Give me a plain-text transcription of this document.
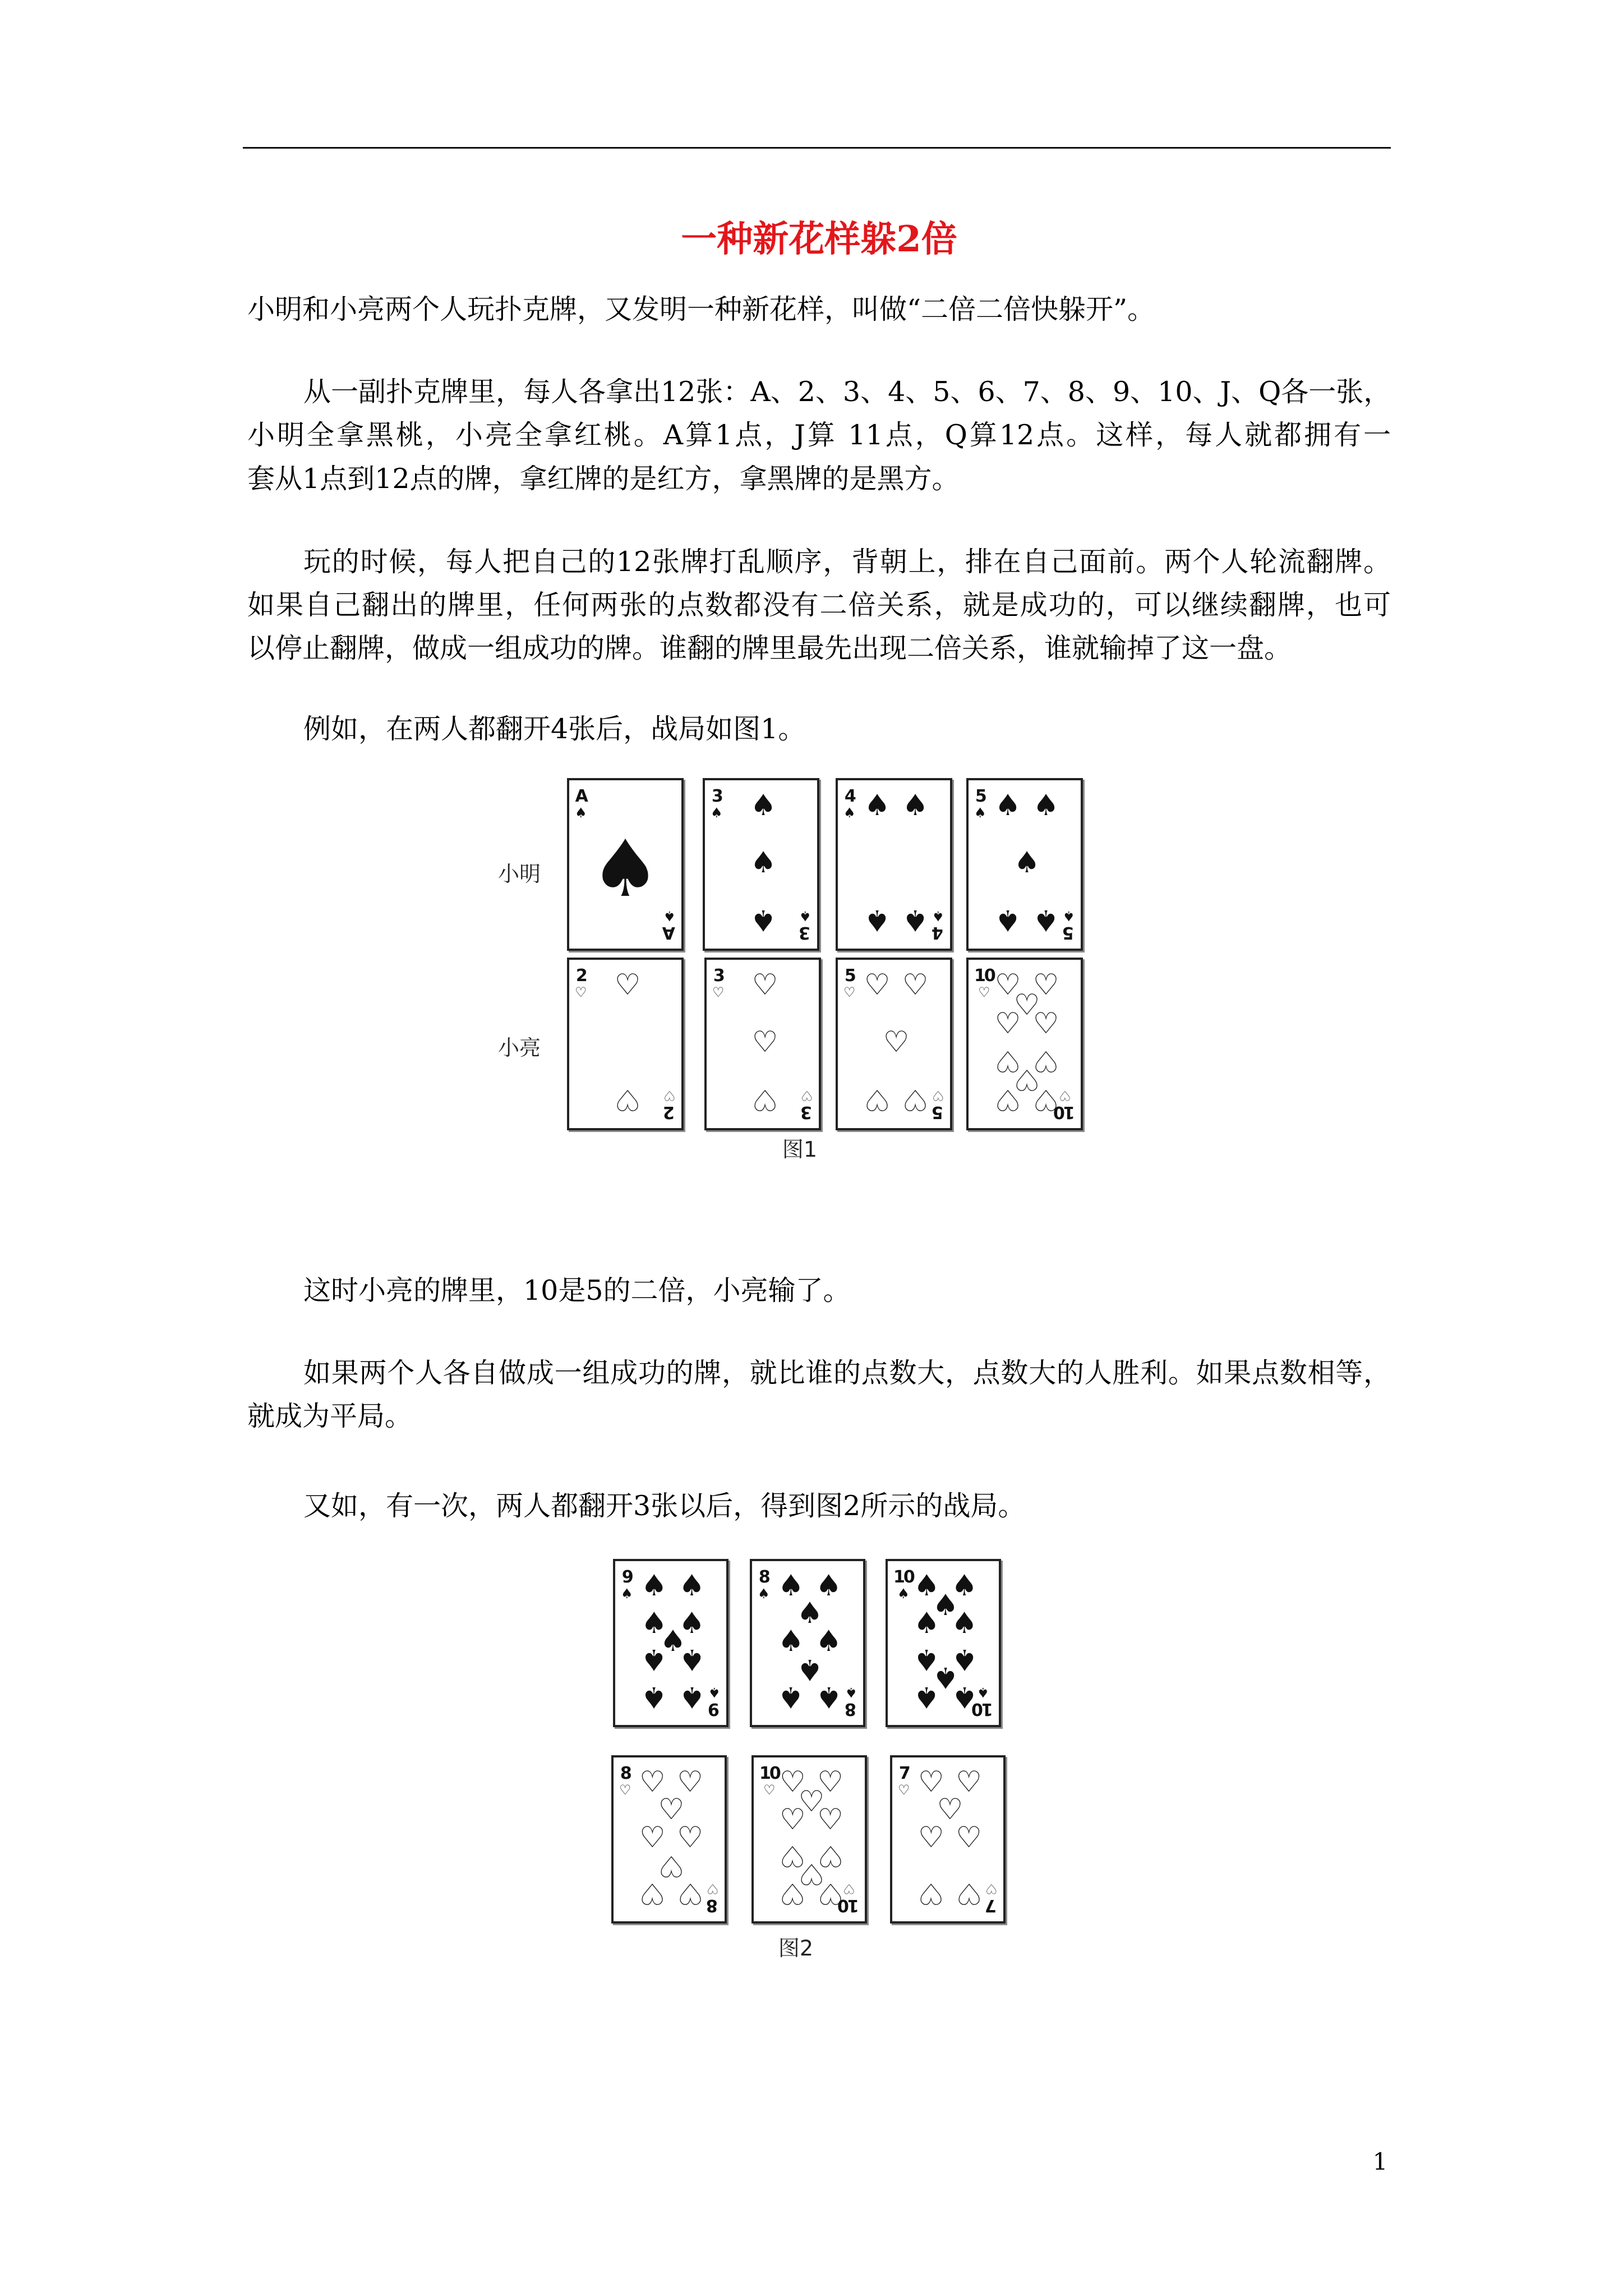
一种新花样躲2倍
小明和小亮两个人玩扑克牌，又发明一种新花样，叫做“二倍二倍快躲开”。
从一副扑克牌里，每人各拿出12张：A、2、3、4、5、6、7、8、9、10、J、Q各一张，
小明全拿黑桃，小亮全拿红桃。A算1点，J算 11点，Q算12点。这样，每人就都拥有一
套从1点到12点的牌，拿红牌的是红方，拿黑牌的是黑方。
玩的时候，每人把自己的12张牌打乱顺序，背朝上，排在自己面前。两个人轮流翻牌。
如果自己翻出的牌里，任何两张的点数都没有二倍关系，就是成功的，可以继续翻牌，也可
以停止翻牌，做成一组成功的牌。谁翻的牌里最先出现二倍关系，谁就输掉了这一盘。
例如，在两人都翻开4张后，战局如图1。
小明
小亮
图1
A
♠
A
♠
♠
3
♠
3
♠
♠
♠
♠
4
♠
4
♠
♠ ♠
♠ ♠
5
♠
5
♠
♠ ♠
♠
♠ ♠
2
♡
2
♡
♡
♡
3
♡
3
♡
♡
♡
♡
5
♡
5
♡
♡ ♡
♡
♡ ♡
10
♡
10
♡
♡ ♡
♡
♡ ♡
♡ ♡
♡
♡ ♡
这时小亮的牌里，10是5的二倍，小亮输了。
如果两个人各自做成一组成功的牌，就比谁的点数大，点数大的人胜利。如果点数相等，
就成为平局。
又如，有一次，两人都翻开3张以后，得到图2所示的战局。
图2
9
♠
9
♠
♠ ♠
♠ ♠
♠
♠ ♠
♠ ♠
8
♠
8
♠
♠ ♠
♠
♠ ♠
♠
♠ ♠
10
♠
10
♠
♠ ♠
♠
♠ ♠
♠ ♠
♠
♠ ♠
8
♡
8
♡
♡ ♡
♡
♡ ♡
♡
♡ ♡
10
♡
10
♡
♡ ♡
♡
♡ ♡
♡ ♡
♡
♡ ♡
7
♡
7
♡
♡ ♡
♡
♡ ♡
♡ ♡
1
